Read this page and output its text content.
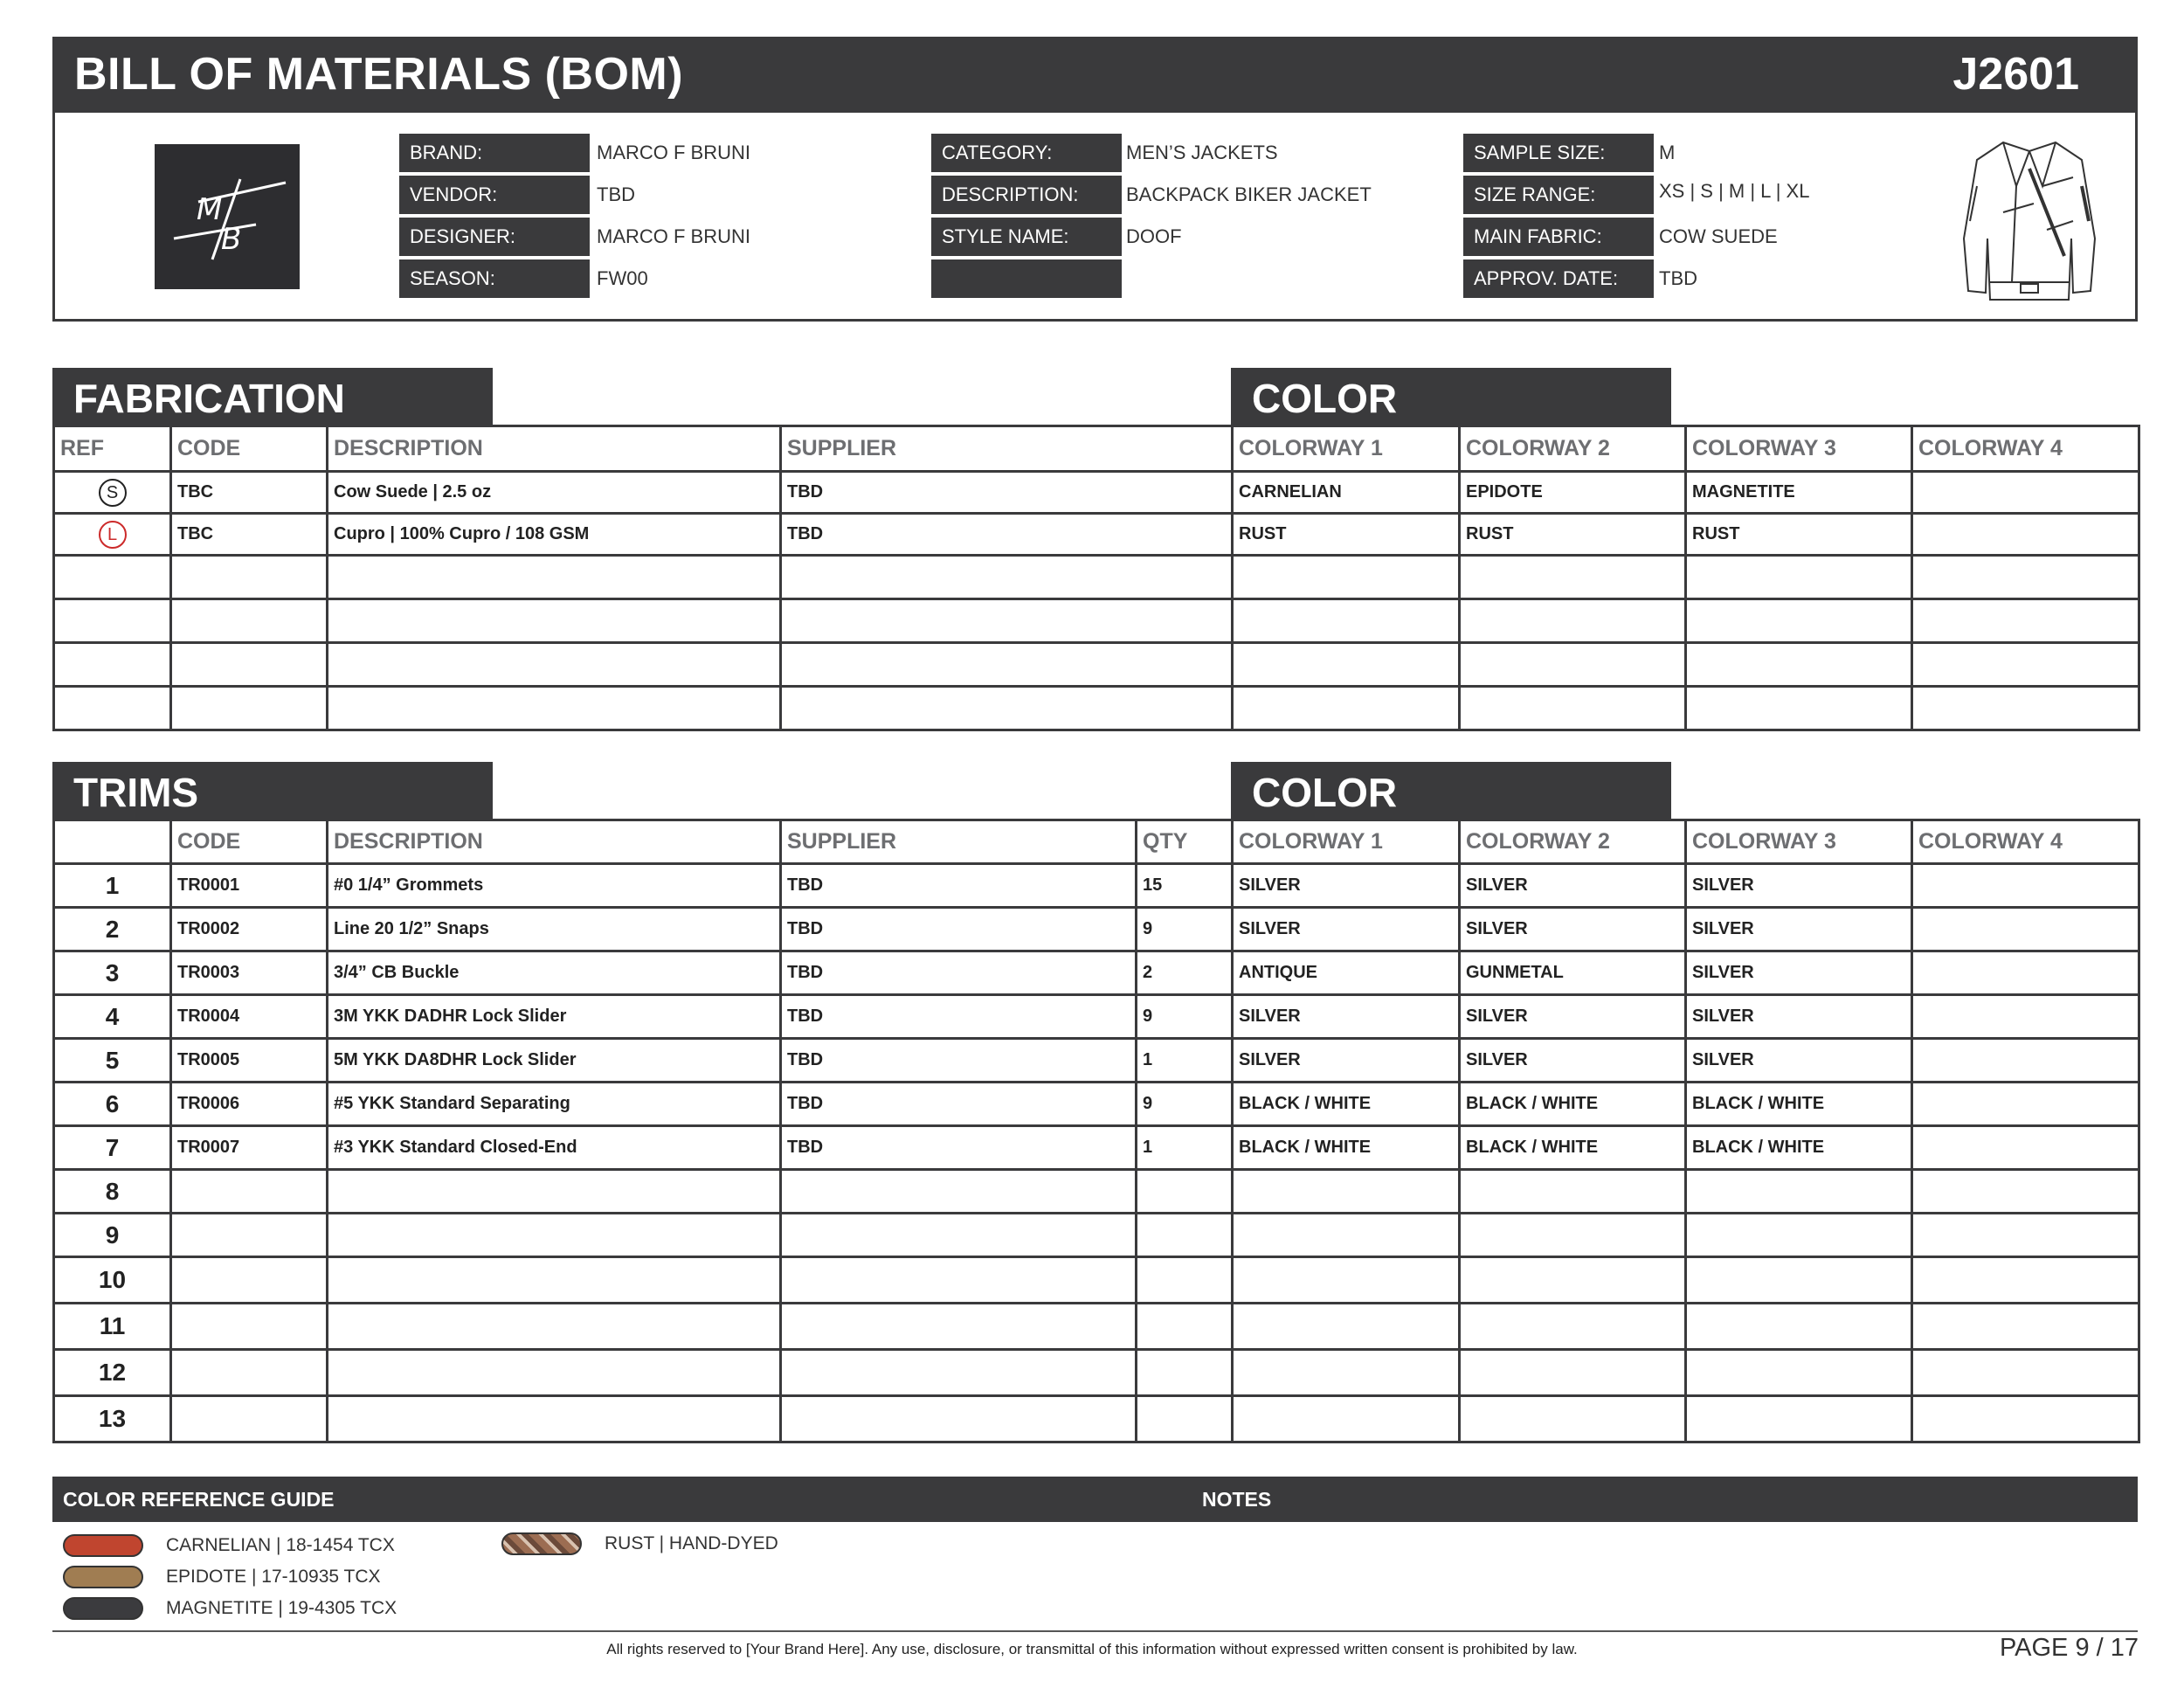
BILL OF MATERIALS (BOM)	J2601
M
B
BRAND:	MARCO F BRUNI
VENDOR:	TBD
DESIGNER:	MARCO F BRUNI
SEASON:	FW00
CATEGORY:	MEN’S JACKETS
DESCRIPTION:	BACKPACK BIKER JACKET
STYLE NAME:	DOOF
SAMPLE SIZE:	M
SIZE RANGE:	XS | S | M | L | XL
MAIN FABRIC:	COW SUEDE
APPROV. DATE:	TBD
FABRICATION	COLOR
REF	CODE	DESCRIPTION	SUPPLIER	COLORWAY 1	COLORWAY 2	COLORWAY 3	COLORWAY 4
S	TBC	Cow Suede | 2.5 oz	TBD	CARNELIAN	EPIDOTE	MAGNETITE	
L	TBC	Cupro | 100% Cupro / 108 GSM	TBD	RUST	RUST	RUST	

TRIMS	COLOR
	CODE	DESCRIPTION	SUPPLIER	QTY	COLORWAY 1	COLORWAY 2	COLORWAY 3	COLORWAY 4
1	TR0001	#0 1/4” Grommets	TBD	15	SILVER	SILVER	SILVER	
2	TR0002	Line 20 1/2” Snaps	TBD	9	SILVER	SILVER	SILVER	
3	TR0003	3/4” CB Buckle	TBD	2	ANTIQUE	GUNMETAL	SILVER	
4	TR0004	3M YKK DADHR Lock Slider	TBD	9	SILVER	SILVER	SILVER	
5	TR0005	5M YKK DA8DHR Lock Slider	TBD	1	SILVER	SILVER	SILVER	
6	TR0006	#5 YKK Standard Separating	TBD	9	BLACK / WHITE	BLACK / WHITE	BLACK / WHITE	
7	TR0007	#3 YKK Standard Closed-End	TBD	1	BLACK / WHITE	BLACK / WHITE	BLACK / WHITE	
8								
9								
10								
11								
12								
13								
COLOR REFERENCE GUIDE	NOTES
CARNELIAN | 18-1454 TCX
EPIDOTE | 17-10935 TCX
MAGNETITE | 19-4305 TCX
RUST | HAND-DYED
All rights reserved to [Your Brand Here]. Any use, disclosure, or transmittal of this information without expressed written consent is prohibited by law.	PAGE 9 / 17
